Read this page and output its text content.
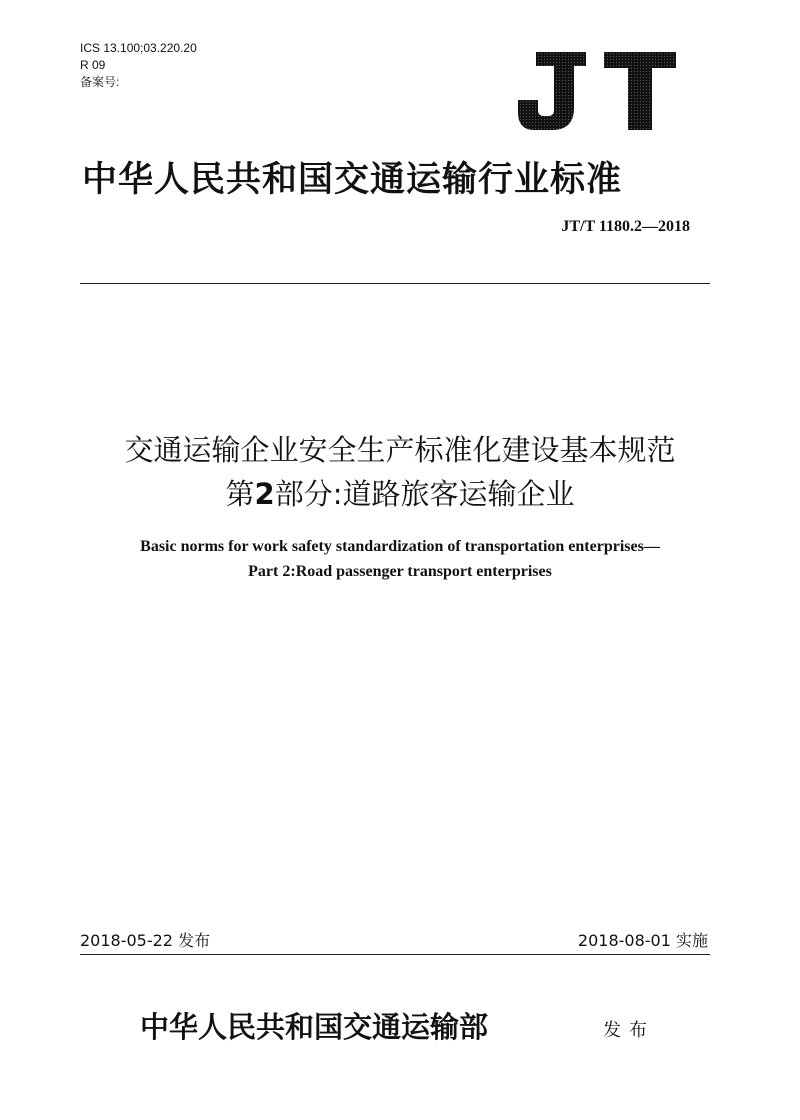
ICS 13.100;03.220.20
R 09
备案号:
中华人民共和国交通运输行业标准
JT/T 1180.2—2018
交通运输企业安全生产标准化建设基本规范
第2部分:道路旅客运输企业
Basic norms for work safety standardization of transportation enterprises—
Part 2:Road passenger transport enterprises
2018-05-22 发布	2018-08-01 实施
中华人民共和国交通运输部	发布
